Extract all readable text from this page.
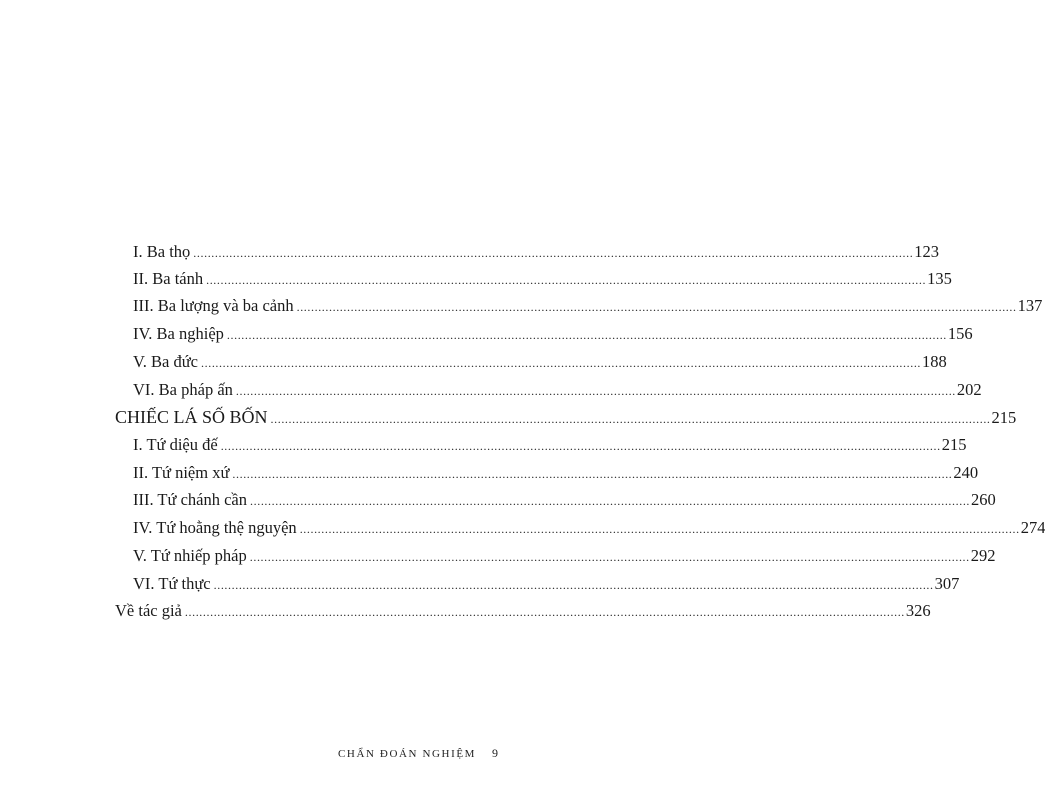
I. Ba thọ ........................................................................................................................................................................................................ 123
II. Ba tánh ........................................................................................................................................................................................................ 135
III. Ba lượng và ba cảnh ........................................................................................................................................................................................................ 137
IV. Ba nghiệp ........................................................................................................................................................................................................ 156
V. Ba đức ........................................................................................................................................................................................................ 188
VI. Ba pháp ấn ........................................................................................................................................................................................................ 202
CHIẾC LÁ SỐ BỐN ........................................................................................................................................................................................................ 215
I. Tứ diệu đế ........................................................................................................................................................................................................ 215
II. Tứ niệm xứ ........................................................................................................................................................................................................ 240
III. Tứ chánh cần ........................................................................................................................................................................................................ 260
IV. Tứ hoằng thệ nguyện ........................................................................................................................................................................................................ 274
V. Tứ nhiếp pháp ........................................................................................................................................................................................................ 292
VI. Tứ thực ........................................................................................................................................................................................................ 307
Về tác giả ........................................................................................................................................................................................................ 326
CHẨN ĐOÁN NGHIỆM 9
